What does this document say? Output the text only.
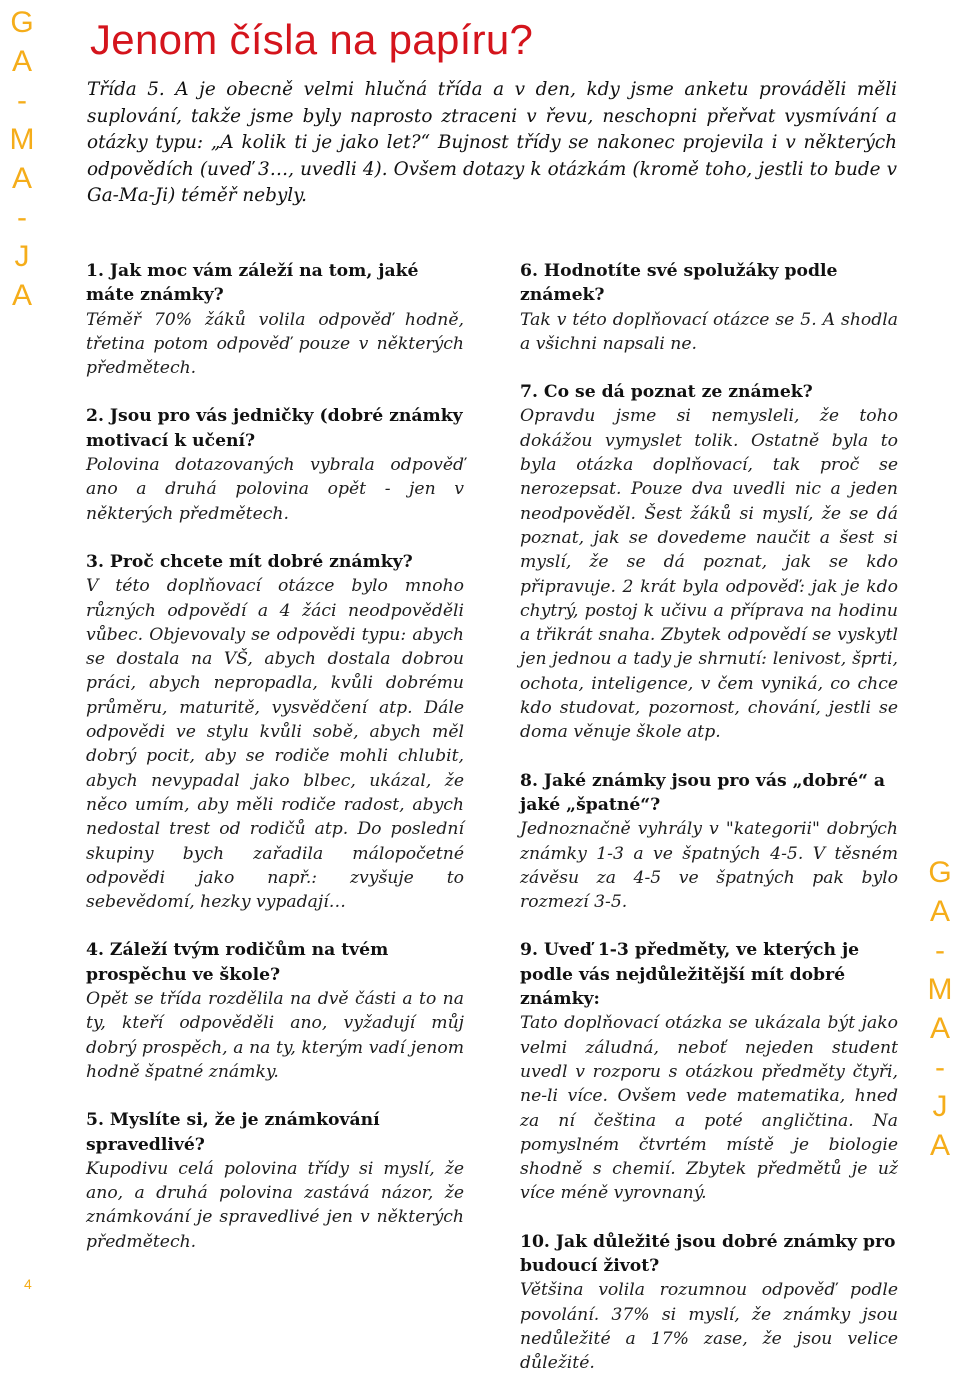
G
A
-
M
A
-
J
A
G
A
-
M
A
-
J
A
Jenom čísla na papíru?

Třída 5. A je obecně velmi hlučná třída a v den, kdy jsme anketu prováděli měli suplování, takže jsme byly naprosto ztraceni v řevu, neschopni přeřvat vysmívání a otázky typu: „A kolik ti je jako let?“ Bujnost třídy se nakonec projevila i v některých odpovědích (uveď 3…, uvedli 4). Ovšem dotazy k otázkám (kromě toho, jestli to bude v Ga-Ma-Ji) téměř nebyly.

1. Jak moc vám záleží na tom, jaké máte známky?

Téměř 70% žáků volila odpověď hodně, třetina potom odpověď pouze v některých předmětech.

2. Jsou pro vás jedničky (dobré známky motivací k učení?

Polovina dotazovaných vybrala odpověď ano a druhá polovina opět - jen v některých předmětech.

3. Proč chcete mít dobré známky?

V této doplňovací otázce bylo mnoho různých odpovědí a 4 žáci neodpověděli vůbec. Objevovaly se odpovědi typu: abych se dostala na VŠ, abych dostala dobrou práci, abych nepropadla, kvůli dobrému průměru, maturitě, vysvědčení atp. Dále odpovědi ve stylu kvůli sobě, abych měl dobrý pocit, aby se rodiče mohli chlubit, abych nevypadal jako blbec, ukázal, že něco umím, aby měli rodiče radost, abych nedostal trest od rodičů atp. Do poslední skupiny bych zařadila málopočetné odpovědi jako např.: zvyšuje to sebevědomí, hezky vypadají…

4. Záleží tvým rodičům na tvém prospěchu ve škole?

Opět se třída rozdělila na dvě části a to na ty, kteří odpověděli ano, vyžadují můj dobrý prospěch, a na ty, kterým vadí jenom hodně špatné známky.

5. Myslíte si, že je známkování spravedlivé?

Kupodivu celá polovina třídy si myslí, že ano, a druhá polovina zastává názor, že známkování je spravedlivé jen v některých předmětech.

6. Hodnotíte své spolužáky podle známek?

Tak v této doplňovací otázce se 5. A shodla a všichni napsali ne.

7. Co se dá poznat ze známek?

Opravdu jsme si nemysleli, že toho dokážou vymyslet tolik. Ostatně byla to byla otázka doplňovací, tak proč se nerozepsat. Pouze dva uvedli nic a jeden neodpověděl. Šest žáků si myslí, že se dá poznat, jak se dovedeme naučit a šest si myslí, že se dá poznat, jak se kdo připravuje. 2 krát byla odpověď: jak je kdo chytrý, postoj k učivu a příprava na hodinu a třikrát snaha. Zbytek odpovědí se vyskytl jen jednou a tady je shrnutí: lenivost, šprti, ochota, inteligence, v čem vyniká, co chce kdo studovat, pozornost, chování, jestli se doma věnuje škole atp.

8. Jaké známky jsou pro vás „dobré“ a jaké „špatné“?

Jednoznačně vyhrály v "kategorii" dobrých známky 1-3 a ve špatných 4-5. V těsném závěsu za 4-5 ve špatných pak bylo rozmezí 3-5.

9. Uveď 1-3 předměty, ve kterých je podle vás nejdůležitější mít dobré známky:

Tato doplňovací otázka se ukázala být jako velmi záludná, neboť nejeden student uvedl v rozporu s otázkou předměty čtyři, ne-li více. Ovšem vede matematika, hned za ní čeština a poté angličtina. Na pomyslném čtvrtém místě je biologie shodně s chemií. Zbytek předmětů je už více méně vyrovnaný.

10. Jak důležité jsou dobré známky pro budoucí život?

Většina volila rozumnou odpověď podle povolání. 37% si myslí, že známky jsou nedůležité a 17% zase, že jsou velice důležité.

4
